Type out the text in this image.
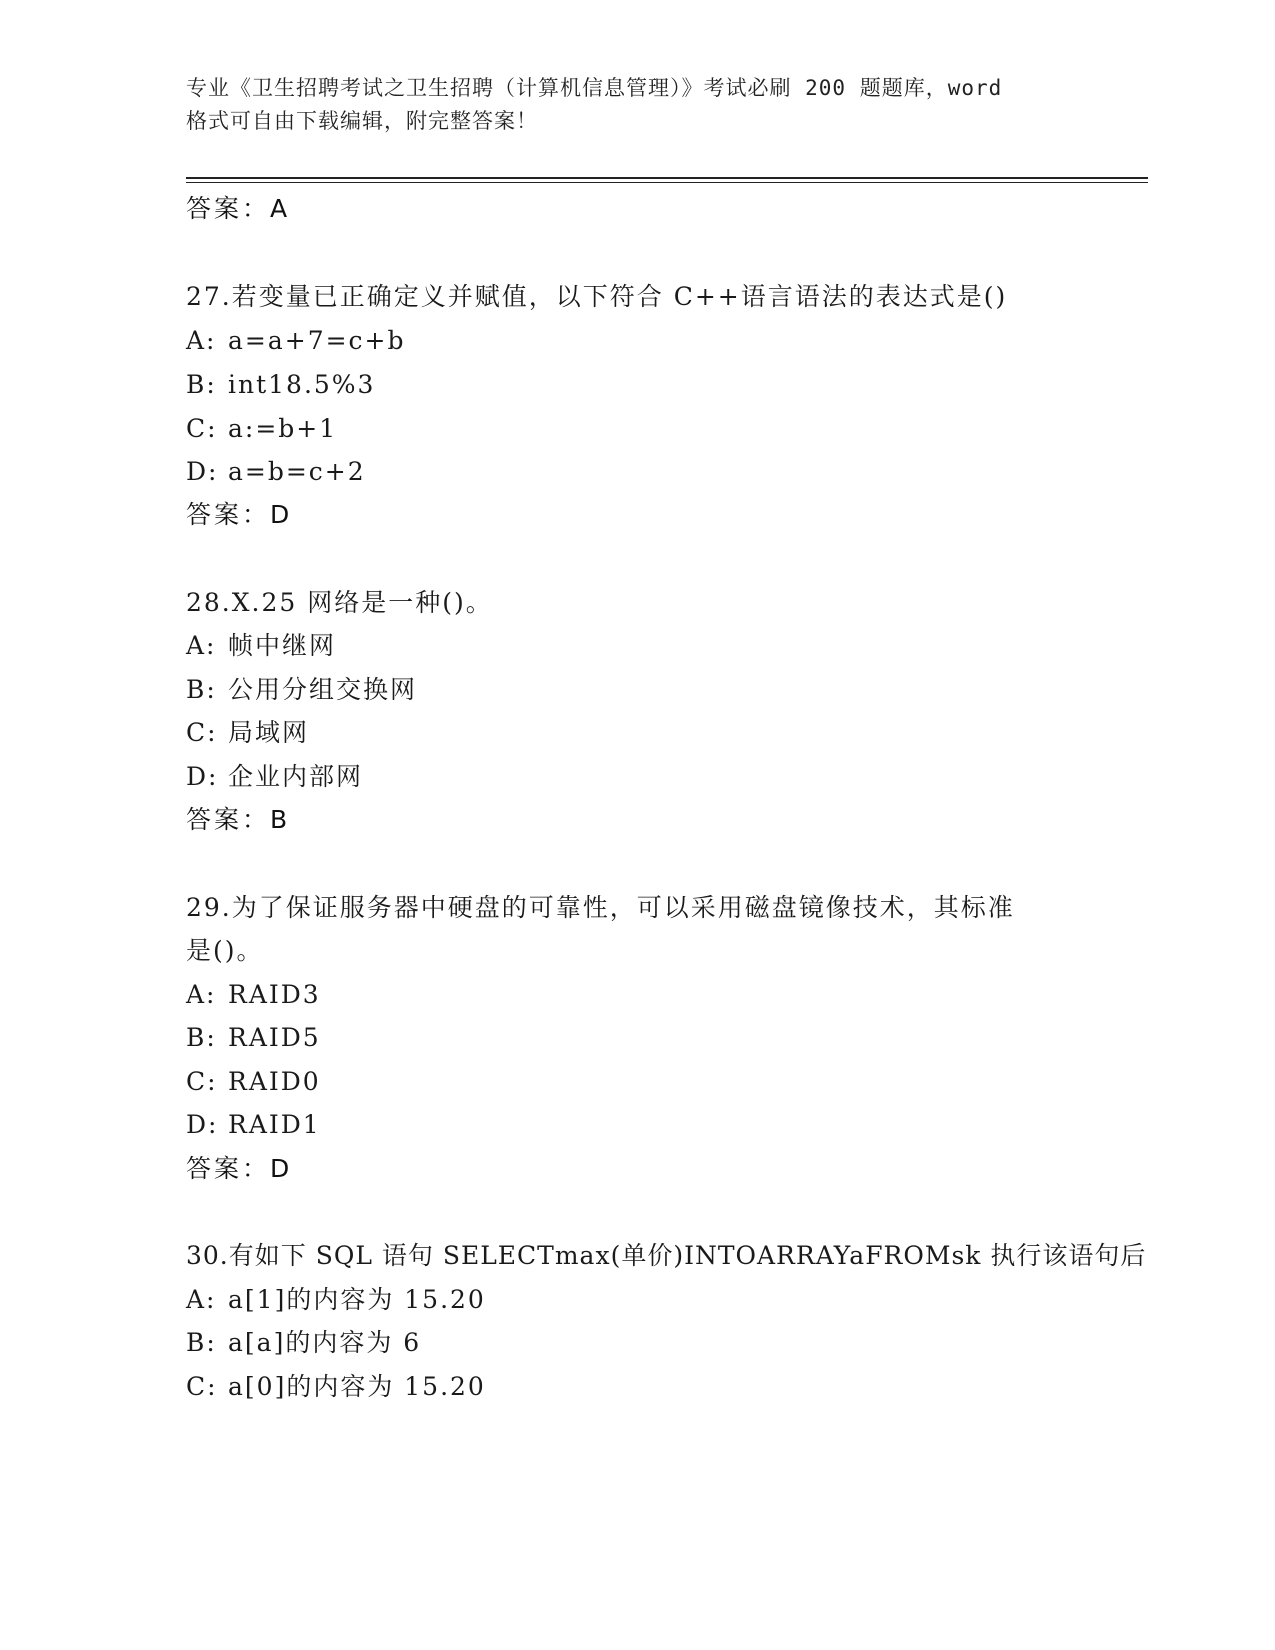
专业《卫生招聘考试之卫生招聘（计算机信息管理）》考试必刷 200 题题库，word
格式可自由下载编辑，附完整答案！
答案：A
27.若变量已正确定义并赋值，以下符合 C++语言语法的表达式是()
A: a=a+7=c+b
B: int18.5%3
C: a:=b+1
D: a=b=c+2
答案：D
28.X.25 网络是一种()。
A: 帧中继网
B: 公用分组交换网
C: 局域网
D: 企业内部网
答案：B
29.为了保证服务器中硬盘的可靠性，可以采用磁盘镜像技术，其标准
是()。
A: RAID3
B: RAID5
C: RAID0
D: RAID1
答案：D
30.有如下 SQL 语句 SELECTmax(单价)INTOARRAYaFROMsk 执行该语句后
A: a[1]的内容为 15.20
B: a[a]的内容为 6
C: a[0]的内容为 15.20
